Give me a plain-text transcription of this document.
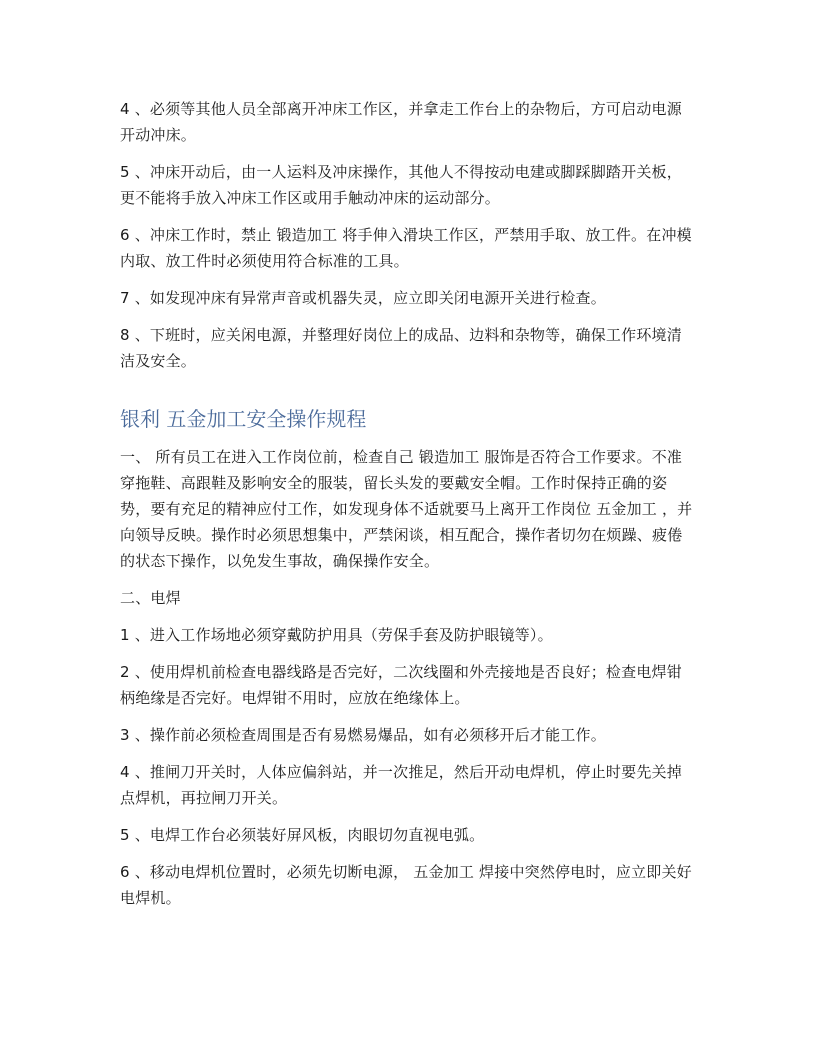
4 、必须等其他人员全部离开冲床工作区，并拿走工作台上的杂物后，方可启动电源开动冲床。

5 、冲床开动后，由一人运料及冲床操作，其他人不得按动电建或脚踩脚踏开关板，更不能将手放入冲床工作区或用手触动冲床的运动部分。

6 、冲床工作时，禁止 锻造加工 将手伸入滑块工作区，严禁用手取、放工件。在冲模内取、放工件时必须使用符合标准的工具。

7 、如发现冲床有异常声音或机器失灵，应立即关闭电源开关进行检查。

8 、下班时，应关闲电源，并整理好岗位上的成品、边料和杂物等，确保工作环境清洁及安全。

银利 五金加工安全操作规程

一、 所有员工在进入工作岗位前，检查自己 锻造加工 服饰是否符合工作要求。不准穿拖鞋、高跟鞋及影响安全的服装，留长头发的要戴安全帽。工作时保持正确的姿势，要有充足的精神应付工作，如发现身体不适就要马上离开工作岗位 五金加工 ，并向领导反映。操作时必须思想集中，严禁闲谈，相互配合，操作者切勿在烦躁、疲倦的状态下操作，以免发生事故，确保操作安全。

二、电焊

1 、进入工作场地必须穿戴防护用具（劳保手套及防护眼镜等）。

2 、使用焊机前检查电器线路是否完好，二次线圈和外壳接地是否良好；检查电焊钳柄绝缘是否完好。电焊钳不用时，应放在绝缘体上。

3 、操作前必须检查周围是否有易燃易爆品，如有必须移开后才能工作。

4 、推闸刀开关时，人体应偏斜站，并一次推足，然后开动电焊机，停止时要先关掉点焊机，再拉闸刀开关。

5 、电焊工作台必须装好屏风板，肉眼切勿直视电弧。

6 、移动电焊机位置时，必须先切断电源， 五金加工 焊接中突然停电时，应立即关好电焊机。
